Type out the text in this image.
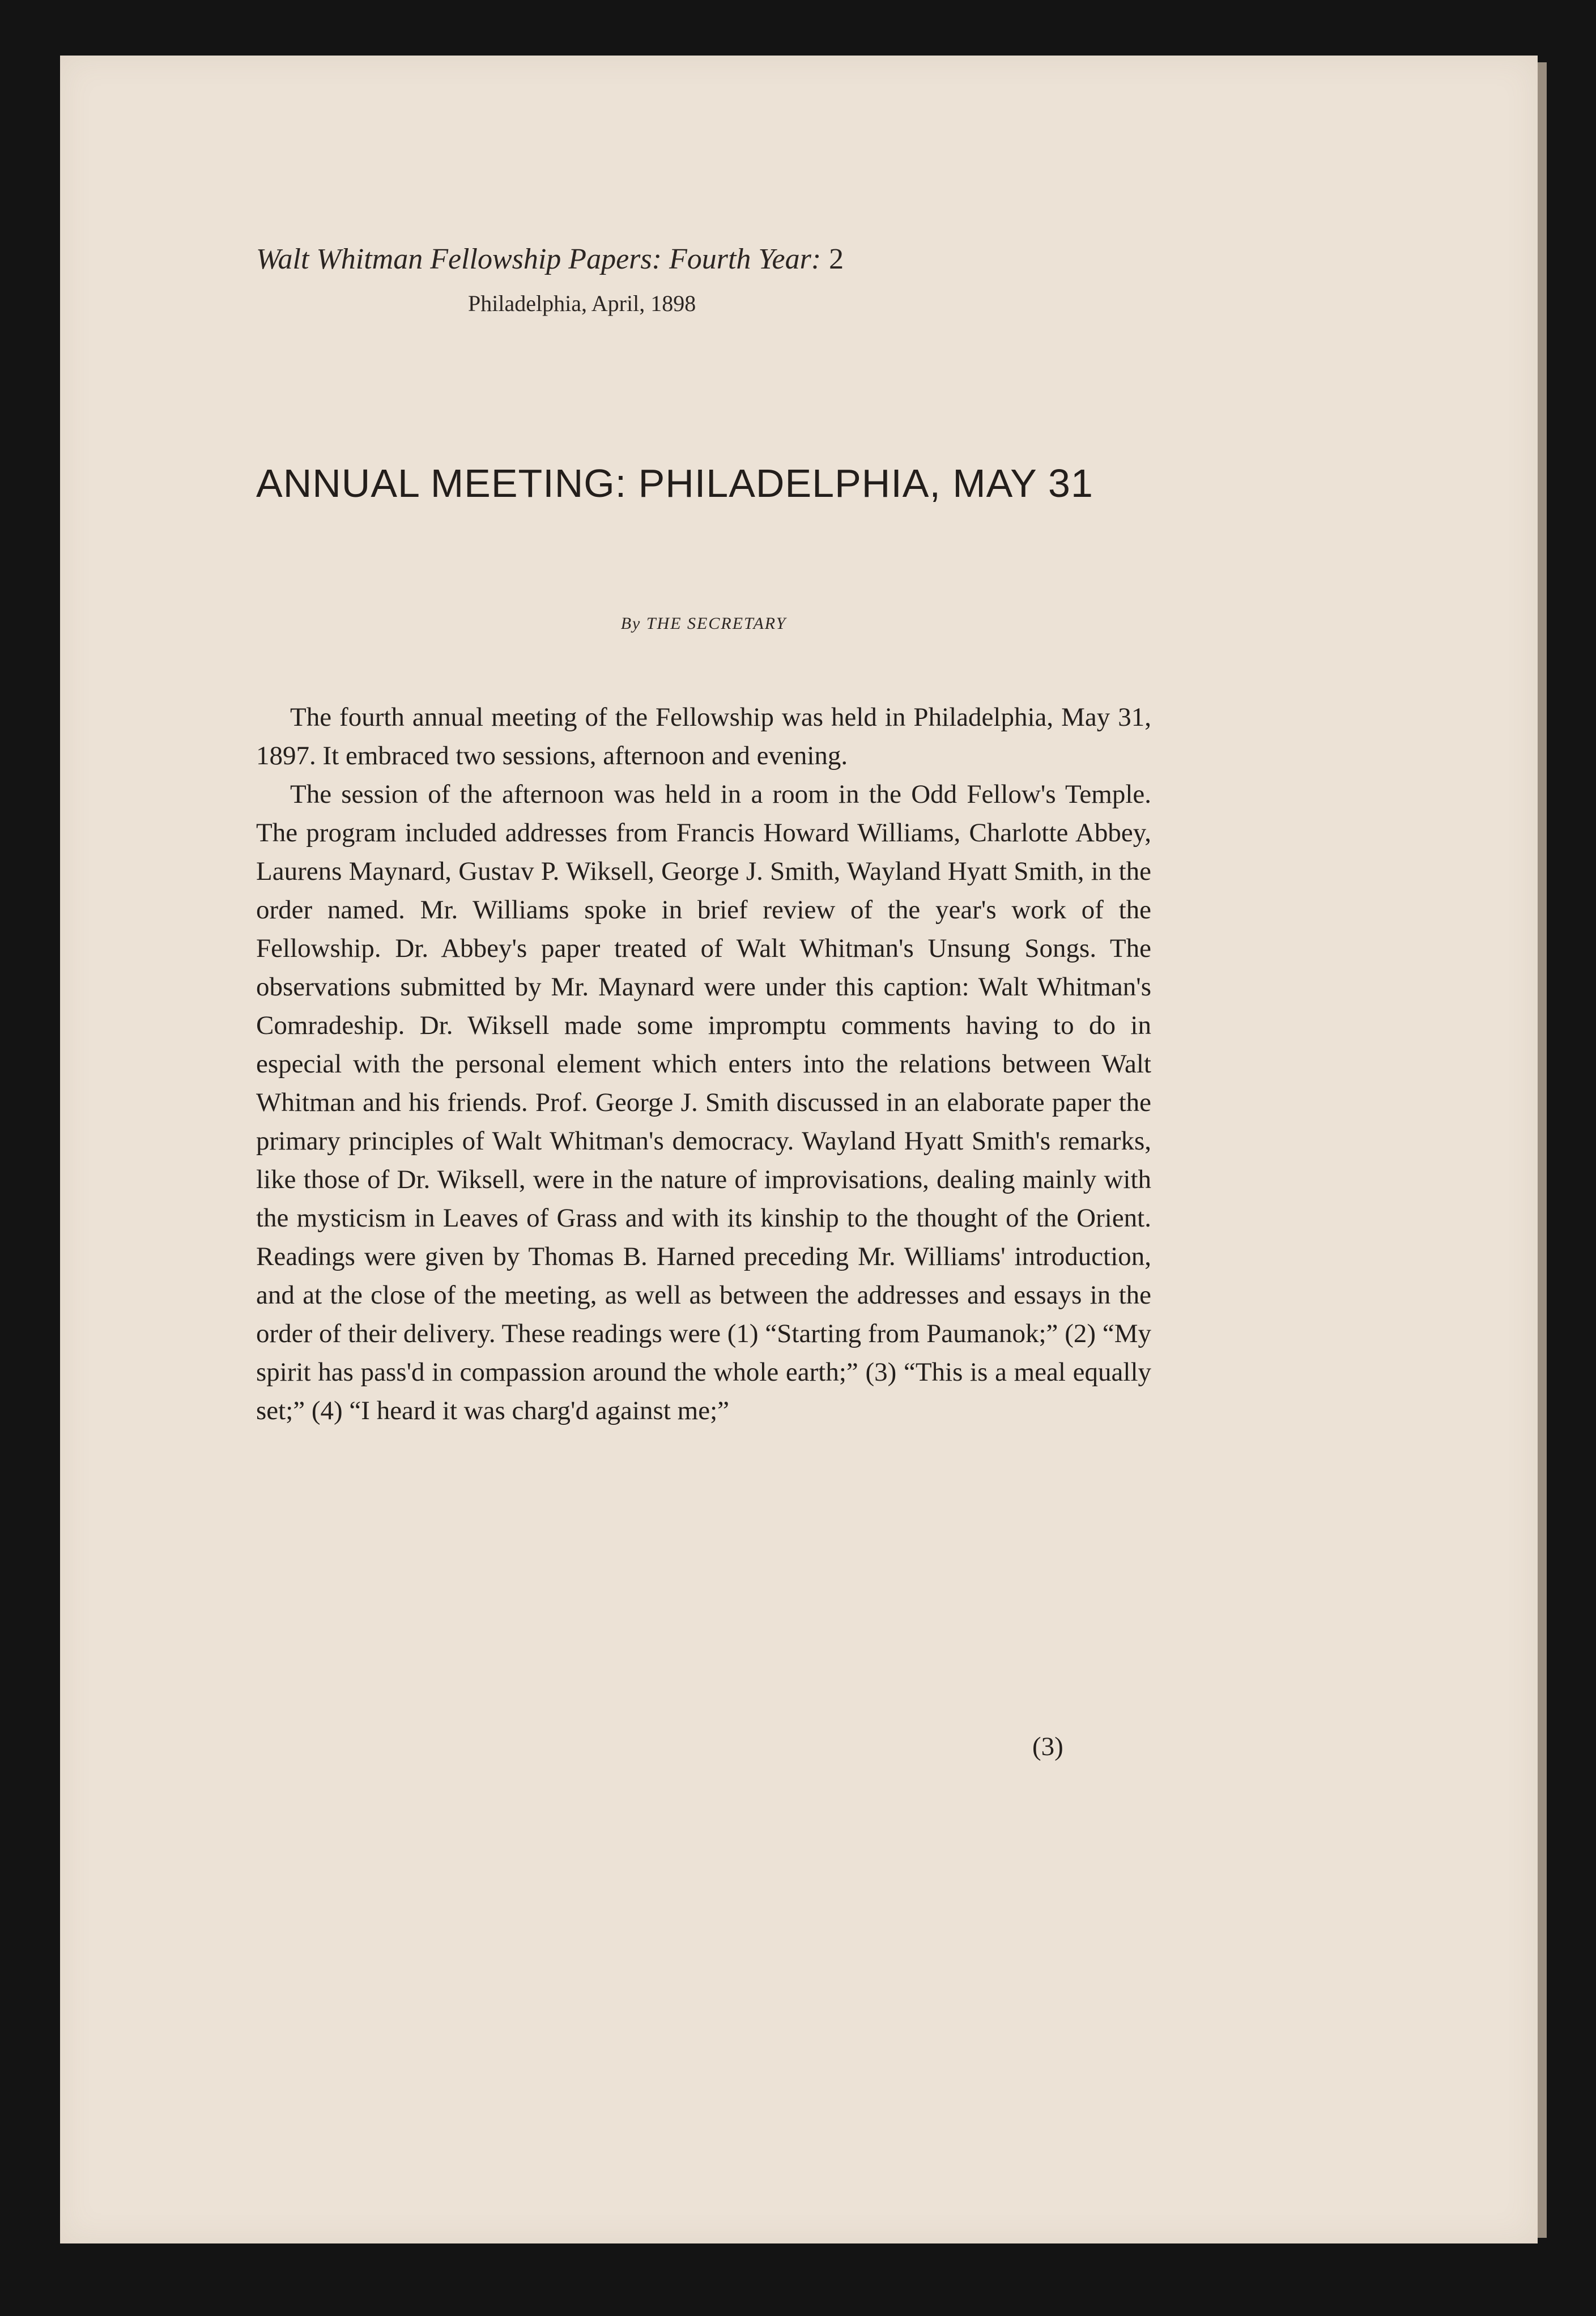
Walt Whitman Fellowship Papers: Fourth Year: 2
Philadelphia, April, 1898
ANNUAL MEETING: PHILADELPHIA, MAY 31
By THE SECRETARY

The fourth annual meeting of the Fellowship was held in Philadelphia, May 31, 1897. It embraced two sessions, afternoon and evening.

The session of the afternoon was held in a room in the Odd Fellow's Temple. The program included addresses from Francis Howard Williams, Charlotte Abbey, Laurens Maynard, Gustav P. Wiksell, George J. Smith, Wayland Hyatt Smith, in the order named. Mr. Williams spoke in brief review of the year's work of the Fellowship. Dr. Abbey's paper treated of Walt Whitman's Unsung Songs. The observations submitted by Mr. Maynard were under this caption: Walt Whitman's Comradeship. Dr. Wiksell made some impromptu comments having to do in especial with the personal element which enters into the relations between Walt Whitman and his friends. Prof. George J. Smith discussed in an elaborate paper the primary principles of Walt Whitman's democracy. Wayland Hyatt Smith's remarks, like those of Dr. Wiksell, were in the nature of improvisations, dealing mainly with the mysticism in Leaves of Grass and with its kinship to the thought of the Orient. Readings were given by Thomas B. Harned preceding Mr. Williams' introduction, and at the close of the meeting, as well as between the addresses and essays in the order of their delivery. These readings were (1) “Starting from Paumanok;” (2) “My spirit has pass'd in compassion around the whole earth;” (3) “This is a meal equally set;” (4) “I heard it was charg'd against me;”

(3)
